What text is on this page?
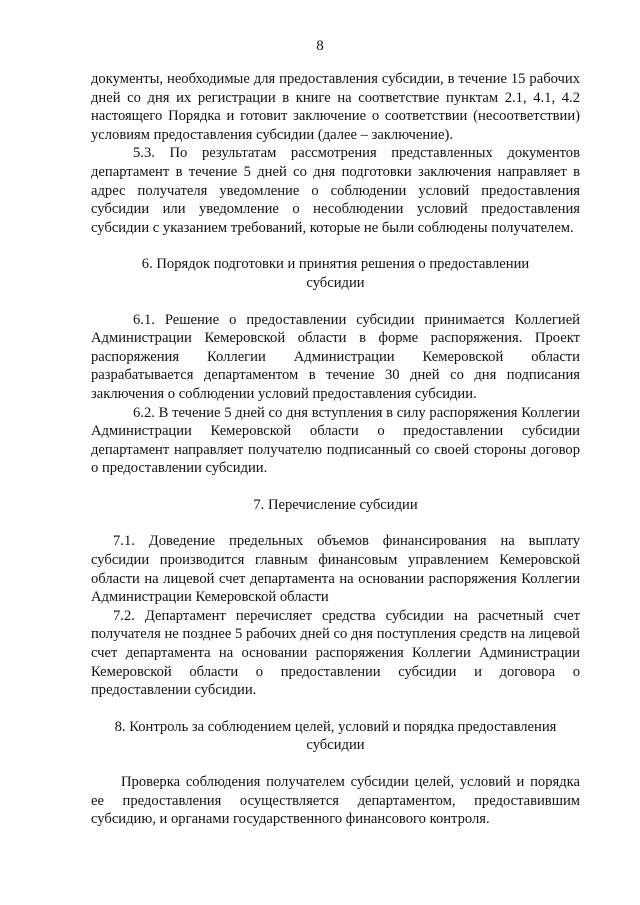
8

документы, необходимые для предоставления субсидии, в течение 15 рабочих дней со дня их регистрации в книге на соответствие пунктам 2.1, 4.1, 4.2 настоящего Порядка и готовит заключение о соответствии (несоответствии) условиям предоставления субсидии (далее – заключение).

5.3. По результатам рассмотрения представленных документов департамент в течение 5 дней со дня подготовки заключения направляет в адрес получателя уведомление о соблюдении условий предоставления субсидии или уведомление о несоблюдении условий предоставления субсидии с указанием требований, которые не были соблюдены получателем.

6. Порядок подготовки и принятия решения о предоставлении
субсидии

6.1. Решение о предоставлении субсидии принимается Коллегией Администрации Кемеровской области в форме распоряжения. Проект распоряжения Коллегии Администрации Кемеровской области разрабатывается департаментом в течение 30 дней со дня подписания заключения о соблюдении условий предоставления субсидии.

6.2. В течение 5 дней со дня вступления в силу распоряжения Коллегии Администрации Кемеровской области о предоставлении субсидии департамент направляет получателю подписанный со своей стороны договор о предоставлении субсидии.

7. Перечисление субсидии

7.1. Доведение предельных объемов финансирования на выплату субсидии производится главным финансовым управлением Кемеровской области на лицевой счет департамента на основании распоряжения Коллегии Администрации Кемеровской области

7.2. Департамент перечисляет средства субсидии на расчетный счет получателя не позднее 5 рабочих дней со дня поступления средств на лицевой счет департамента на основании распоряжения Коллегии Администрации Кемеровской области о предоставлении субсидии и договора о предоставлении субсидии.

8. Контроль за соблюдением целей, условий и порядка предоставления
субсидии

Проверка соблюдения получателем субсидии целей, условий и порядка ее предоставления осуществляется департаментом, предоставившим субсидию, и органами государственного финансового контроля.
